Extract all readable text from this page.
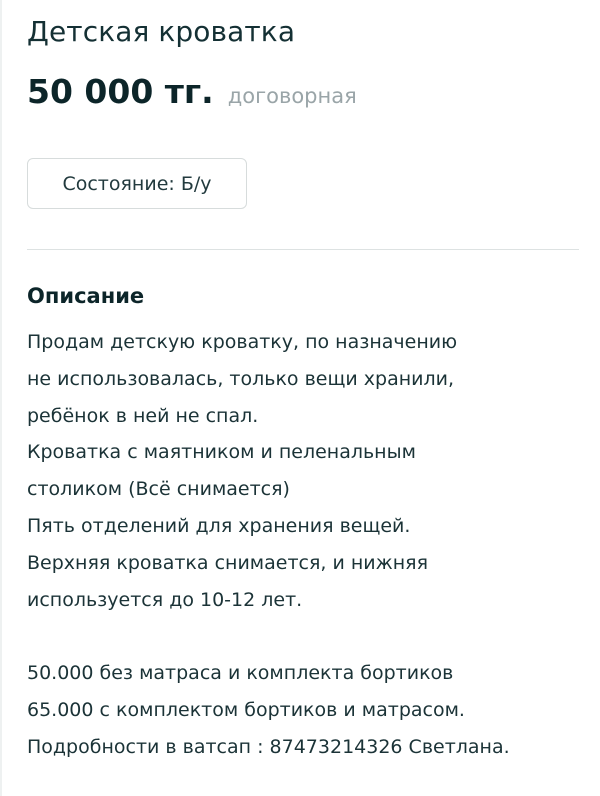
Детская кроватка
50 000 тг. договорная
Состояние: Б/у
Описание
Продам детскую кроватку, по назначению
не использовалась, только вещи хранили,
ребёнок в ней не спал.
Кроватка с маятником и пеленальным
столиком (Всё снимается)
Пять отделений для хранения вещей.
Верхняя кроватка снимается, и нижняя
используется до 10-12 лет.
50.000 без матраса и комплекта бортиков
65.000 с комплектом бортиков и матрасом.
Подробности в ватсап : 87473214326 Светлана.
